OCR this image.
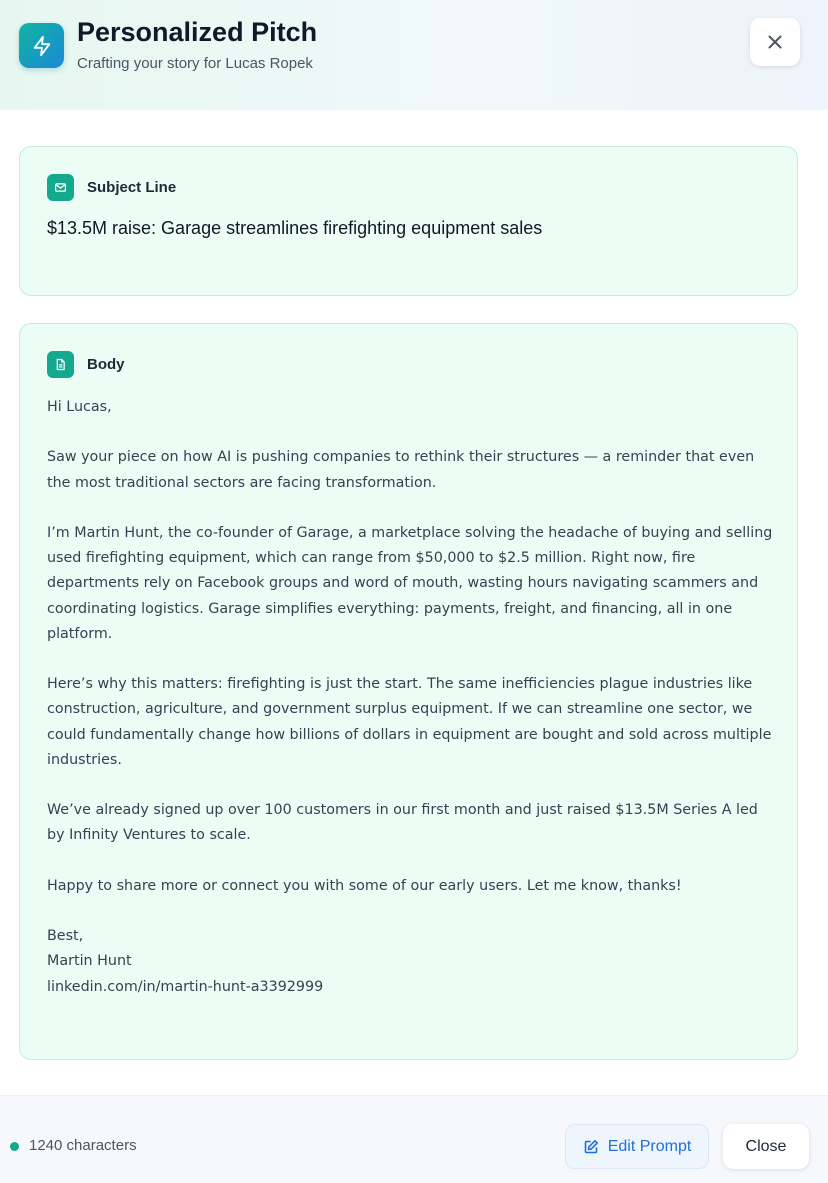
Personalized Pitch
Crafting your story for Lucas Ropek
Subject Line
$13.5M raise: Garage streamlines firefighting equipment sales
Body

Hi Lucas,

Saw your piece on how AI is pushing companies to rethink their structures — a reminder that even the most traditional sectors are facing transformation.

I’m Martin Hunt, the co-founder of Garage, a marketplace solving the headache of buying and selling used firefighting equipment, which can range from $50,000 to $2.5 million. Right now, fire departments rely on Facebook groups and word of mouth, wasting hours navigating scammers and coordinating logistics. Garage simplifies everything: payments, freight, and financing, all in one platform.

Here’s why this matters: firefighting is just the start. The same inefficiencies plague industries like construction, agriculture, and government surplus equipment. If we can streamline one sector, we could fundamentally change how billions of dollars in equipment are bought and sold across multiple industries.

We’ve already signed up over 100 customers in our first month and just raised $13.5M Series A led by Infinity Ventures to scale.

Happy to share more or connect you with some of our early users. Let me know, thanks!

Best,
Martin Hunt
linkedin.com/in/martin-hunt-a3392999
1240 characters	Edit Prompt	Close
